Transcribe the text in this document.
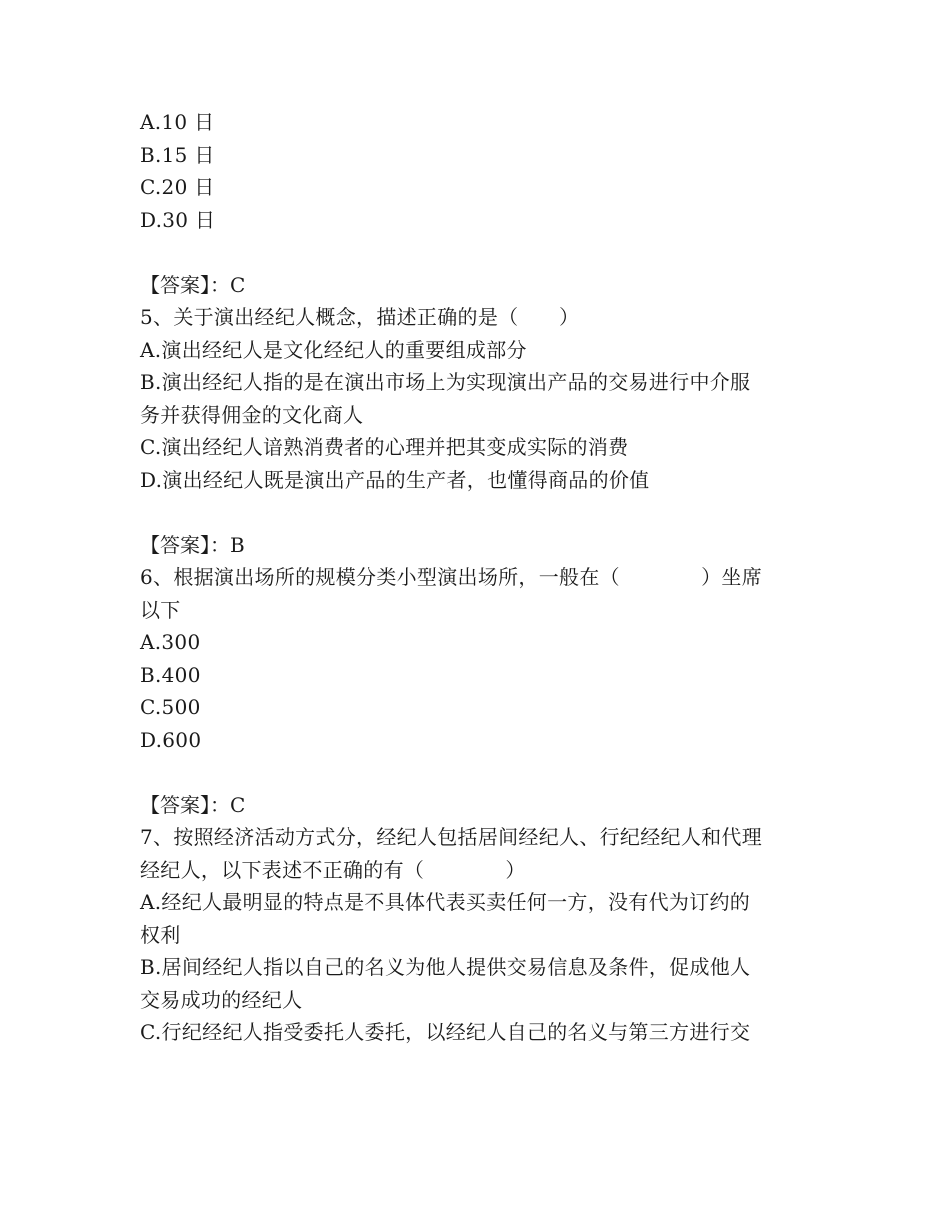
A.10 日
B.15 日
C.20 日
D.30 日
【答案】：C
5、关于演出经纪人概念，描述正确的是（　　）
A.演出经纪人是文化经纪人的重要组成部分
B.演出经纪人指的是在演出市场上为实现演出产品的交易进行中介服
务并获得佣金的文化商人
C.演出经纪人谙熟消费者的心理并把其变成实际的消费
D.演出经纪人既是演出产品的生产者，也懂得商品的价值
【答案】：B
6、根据演出场所的规模分类小型演出场所，一般在（　　　　）坐席
以下
A.300
B.400
C.500
D.600
【答案】：C
7、按照经济活动方式分，经纪人包括居间经纪人、行纪经纪人和代理
经纪人，以下表述不正确的有（　　　　）
A.经纪人最明显的特点是不具体代表买卖任何一方，没有代为订约的
权利
B.居间经纪人指以自己的名义为他人提供交易信息及条件，促成他人
交易成功的经纪人
C.行纪经纪人指受委托人委托，以经纪人自己的名义与第三方进行交
